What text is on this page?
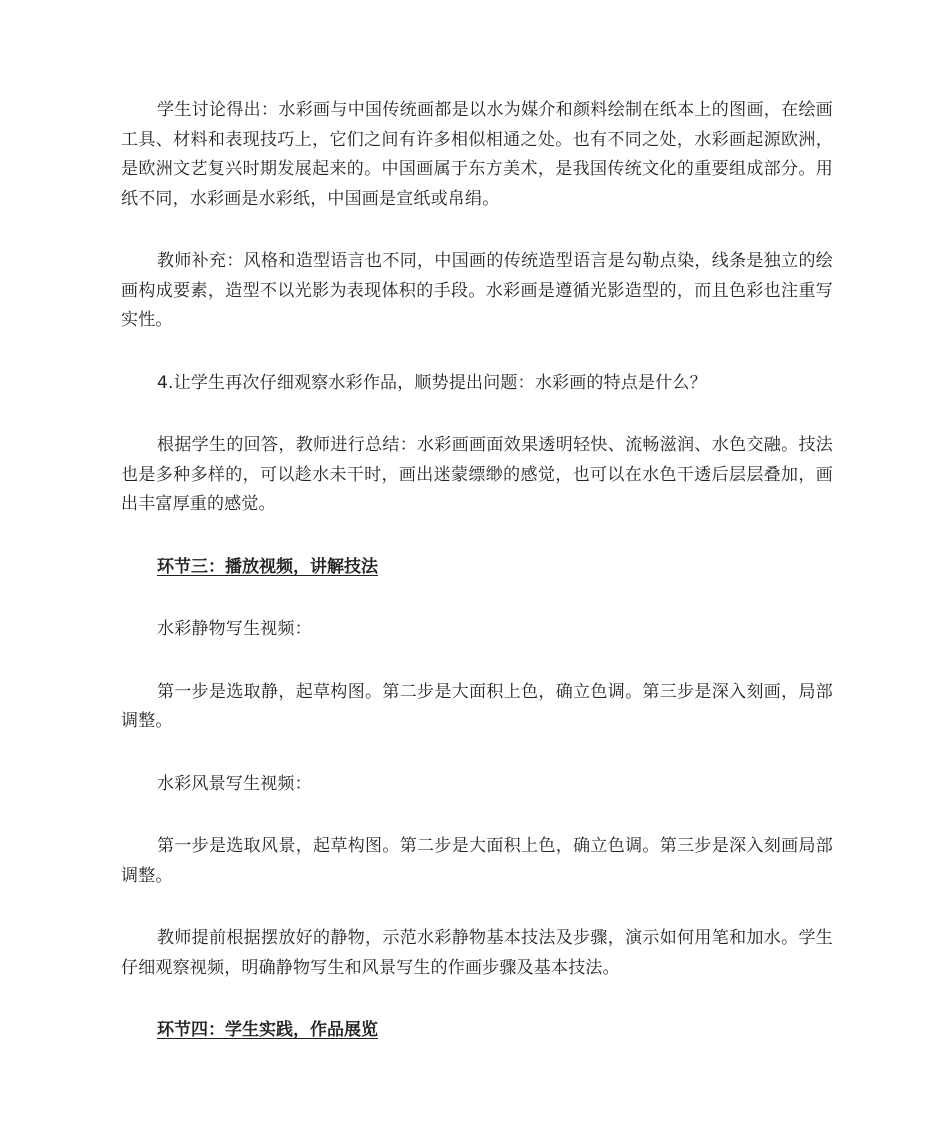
学生讨论得出：水彩画与中国传统画都是以水为媒介和颜料绘制在纸本上的图画，在绘画工具、材料和表现技巧上，它们之间有许多相似相通之处。也有不同之处，水彩画起源欧洲，是欧洲文艺复兴时期发展起来的。中国画属于东方美术，是我国传统文化的重要组成部分。用纸不同，水彩画是水彩纸，中国画是宣纸或帛绢。

教师补充：风格和造型语言也不同，中国画的传统造型语言是勾勒点染，线条是独立的绘画构成要素，造型不以光影为表现体积的手段。水彩画是遵循光影造型的，而且色彩也注重写实性。

4.让学生再次仔细观察水彩作品，顺势提出问题：水彩画的特点是什么？

根据学生的回答，教师进行总结：水彩画画面效果透明轻快、流畅滋润、水色交融。技法也是多种多样的，可以趁水未干时，画出迷蒙缥缈的感觉，也可以在水色干透后层层叠加，画出丰富厚重的感觉。

环节三：播放视频，讲解技法

水彩静物写生视频：

第一步是选取静，起草构图。第二步是大面积上色，确立色调。第三步是深入刻画，局部调整。

水彩风景写生视频：

第一步是选取风景，起草构图。第二步是大面积上色，确立色调。第三步是深入刻画局部调整。

教师提前根据摆放好的静物，示范水彩静物基本技法及步骤，演示如何用笔和加水。学生仔细观察视频，明确静物写生和风景写生的作画步骤及基本技法。

环节四：学生实践，作品展览
